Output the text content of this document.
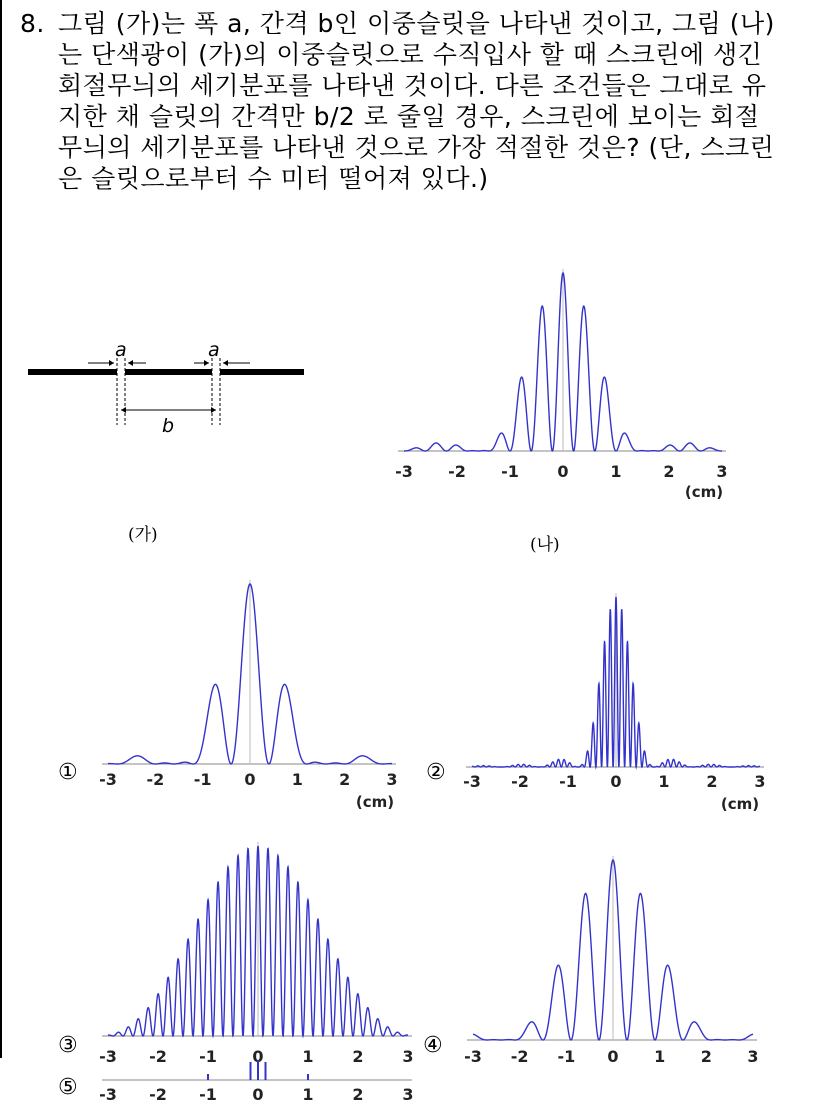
8. 그림 (가)는 폭 a, 간격 b인 이중슬릿을 나타낸 것이고, 그림 (나)는 단색광이 (가)의 이중슬릿으로 수직입사 할 때 스크린에 생긴 회절무늬의 세기분포를 나타낸 것이다. 다른 조건들은 그대로 유지한 채 슬릿의 간격만 b/2 로 줄일 경우, 스크린에 보이는 회절무늬의 세기분포를 나타낸 것으로 가장 적절한 것은? (단, 스크린은 슬릿으로부터 수 미터 떨어져 있다.)
a	a
b
(가)	(나)
-3 -2 -1 0	1	2	3
(cm)
-3 -2 -1 0 1 2 3
(cm)
-3 -2 -1 0 1 2 3
(cm)
-3 -2 -1 0 1 2 3	-3 -2 -1 0 1 2 3
-3 -2 -1 0 1 2 3
①	②
③	④
⑤
